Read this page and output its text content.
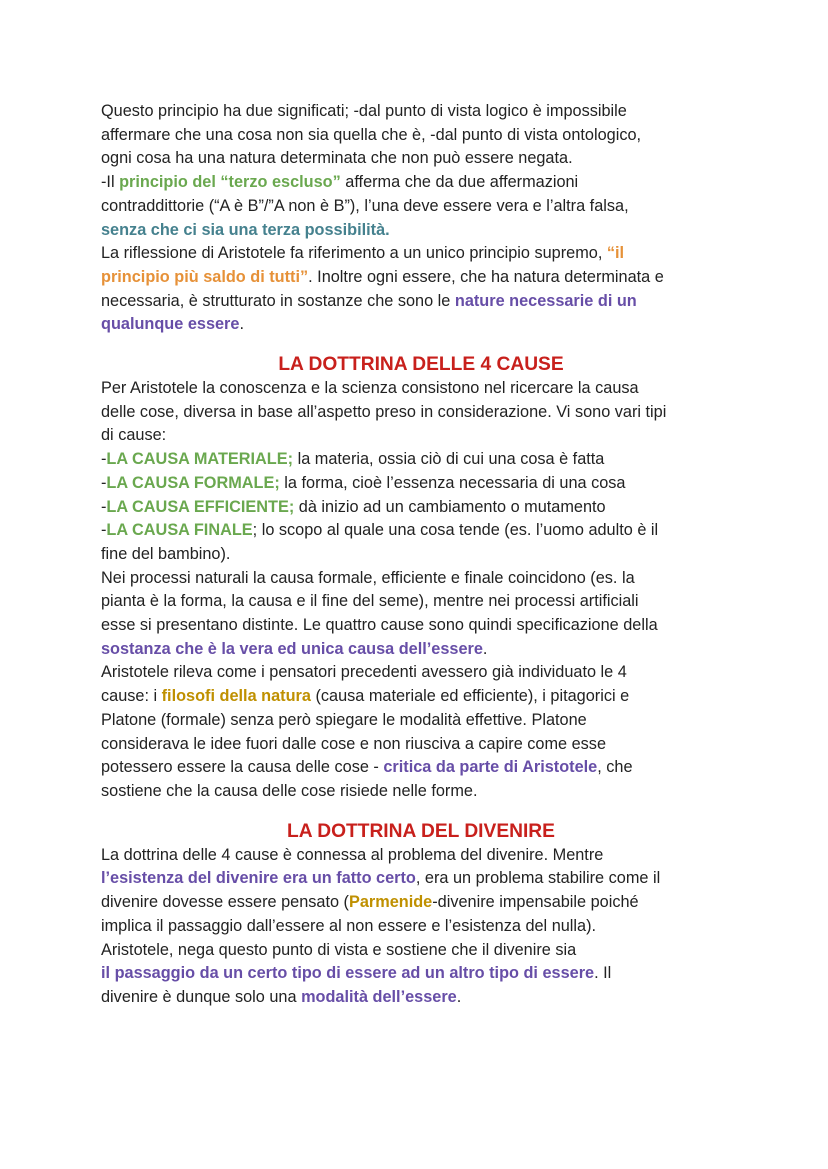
Questo principio ha due significati; -dal punto di vista logico è impossibile

affermare che una cosa non sia quella che è, -dal punto di vista ontologico,

ogni cosa ha una natura determinata che non può essere negata.

-Il principio del “terzo escluso” afferma che da due affermazioni

contraddittorie (“A è B”/”A non è B”), l’una deve essere vera e l’altra falsa,

senza che ci sia una terza possibilità.

La riflessione di Aristotele fa riferimento a un unico principio supremo, “il

principio più saldo di tutti”. Inoltre ogni essere, che ha natura determinata e

necessaria, è strutturato in sostanze che sono le nature necessarie di un

qualunque essere.

LA DOTTRINA DELLE 4 CAUSE

Per Aristotele la conoscenza e la scienza consistono nel ricercare la causa

delle cose, diversa in base all’aspetto preso in considerazione. Vi sono vari tipi

di cause:

-LA CAUSA MATERIALE; la materia, ossia ciò di cui una cosa è fatta

-LA CAUSA FORMALE; la forma, cioè l’essenza necessaria di una cosa

-LA CAUSA EFFICIENTE; dà inizio ad un cambiamento o mutamento

-LA CAUSA FINALE; lo scopo al quale una cosa tende (es. l’uomo adulto è il

fine del bambino).

Nei processi naturali la causa formale, efficiente e finale coincidono (es. la

pianta è la forma, la causa e il fine del seme), mentre nei processi artificiali

esse si presentano distinte. Le quattro cause sono quindi specificazione della

sostanza che è la vera ed unica causa dell’essere.

Aristotele rileva come i pensatori precedenti avessero già individuato le 4

cause: i filosofi della natura (causa materiale ed efficiente), i pitagorici e

Platone (formale) senza però spiegare le modalità effettive. Platone

considerava le idee fuori dalle cose e non riusciva a capire come esse

potessero essere la causa delle cose - critica da parte di Aristotele, che

sostiene che la causa delle cose risiede nelle forme.

LA DOTTRINA DEL DIVENIRE

La dottrina delle 4 cause è connessa al problema del divenire. Mentre

l’esistenza del divenire era un fatto certo, era un problema stabilire come il

divenire dovesse essere pensato (Parmenide-divenire impensabile poiché

implica il passaggio dall’essere al non essere e l’esistenza del nulla).

Aristotele, nega questo punto di vista e sostiene che il divenire sia

il passaggio da un certo tipo di essere ad un altro tipo di essere. Il

divenire è dunque solo una modalità dell’essere.
